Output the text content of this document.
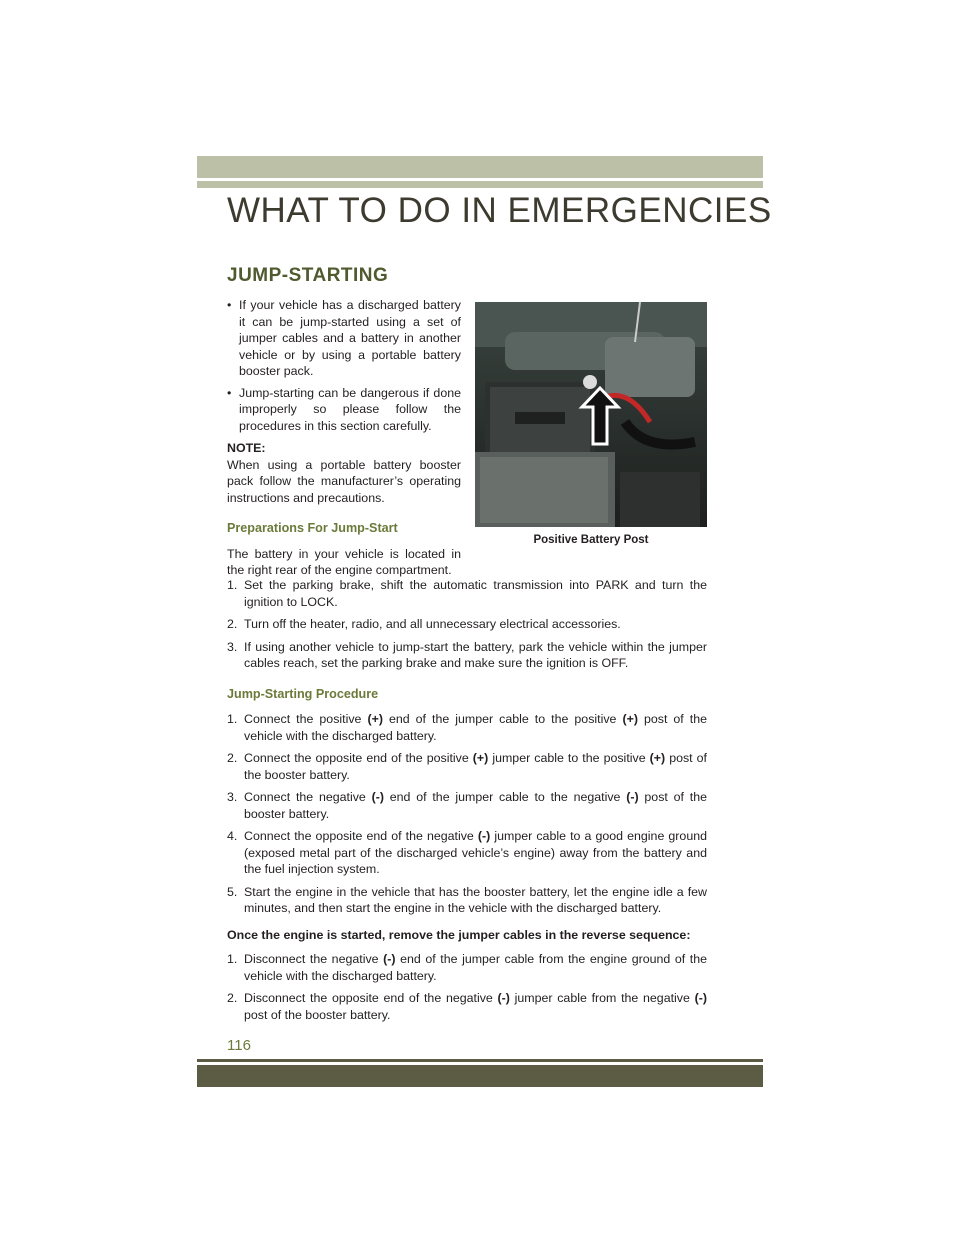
WHAT TO DO IN EMERGENCIES
JUMP-STARTING
• If your vehicle has a discharged battery it can be jump-started using a set of jumper cables and a battery in another vehicle or by using a portable battery booster pack.
• Jump-starting can be dangerous if done improperly so please follow the procedures in this section carefully.
NOTE:
When using a portable battery booster pack follow the manufacturer’s operating instructions and precautions.
Preparations For Jump-Start
The battery in your vehicle is located in the right rear of the engine compartment.
Positive Battery Post
1. Set the parking brake, shift the automatic transmission into PARK and turn the ignition to LOCK.
2. Turn off the heater, radio, and all unnecessary electrical accessories.
3. If using another vehicle to jump-start the battery, park the vehicle within the jumper cables reach, set the parking brake and make sure the ignition is OFF.
Jump-Starting Procedure
1. Connect the positive (+) end of the jumper cable to the positive (+) post of the vehicle with the discharged battery.
2. Connect the opposite end of the positive (+) jumper cable to the positive (+) post of the booster battery.
3. Connect the negative (-) end of the jumper cable to the negative (-) post of the booster battery.
4. Connect the opposite end of the negative (-) jumper cable to a good engine ground (exposed metal part of the discharged vehicle’s engine) away from the battery and the fuel injection system.
5. Start the engine in the vehicle that has the booster battery, let the engine idle a few minutes, and then start the engine in the vehicle with the discharged battery.
Once the engine is started, remove the jumper cables in the reverse sequence:
1. Disconnect the negative (-) end of the jumper cable from the engine ground of the vehicle with the discharged battery.
2. Disconnect the opposite end of the negative (-) jumper cable from the negative (-) post of the booster battery.
116
